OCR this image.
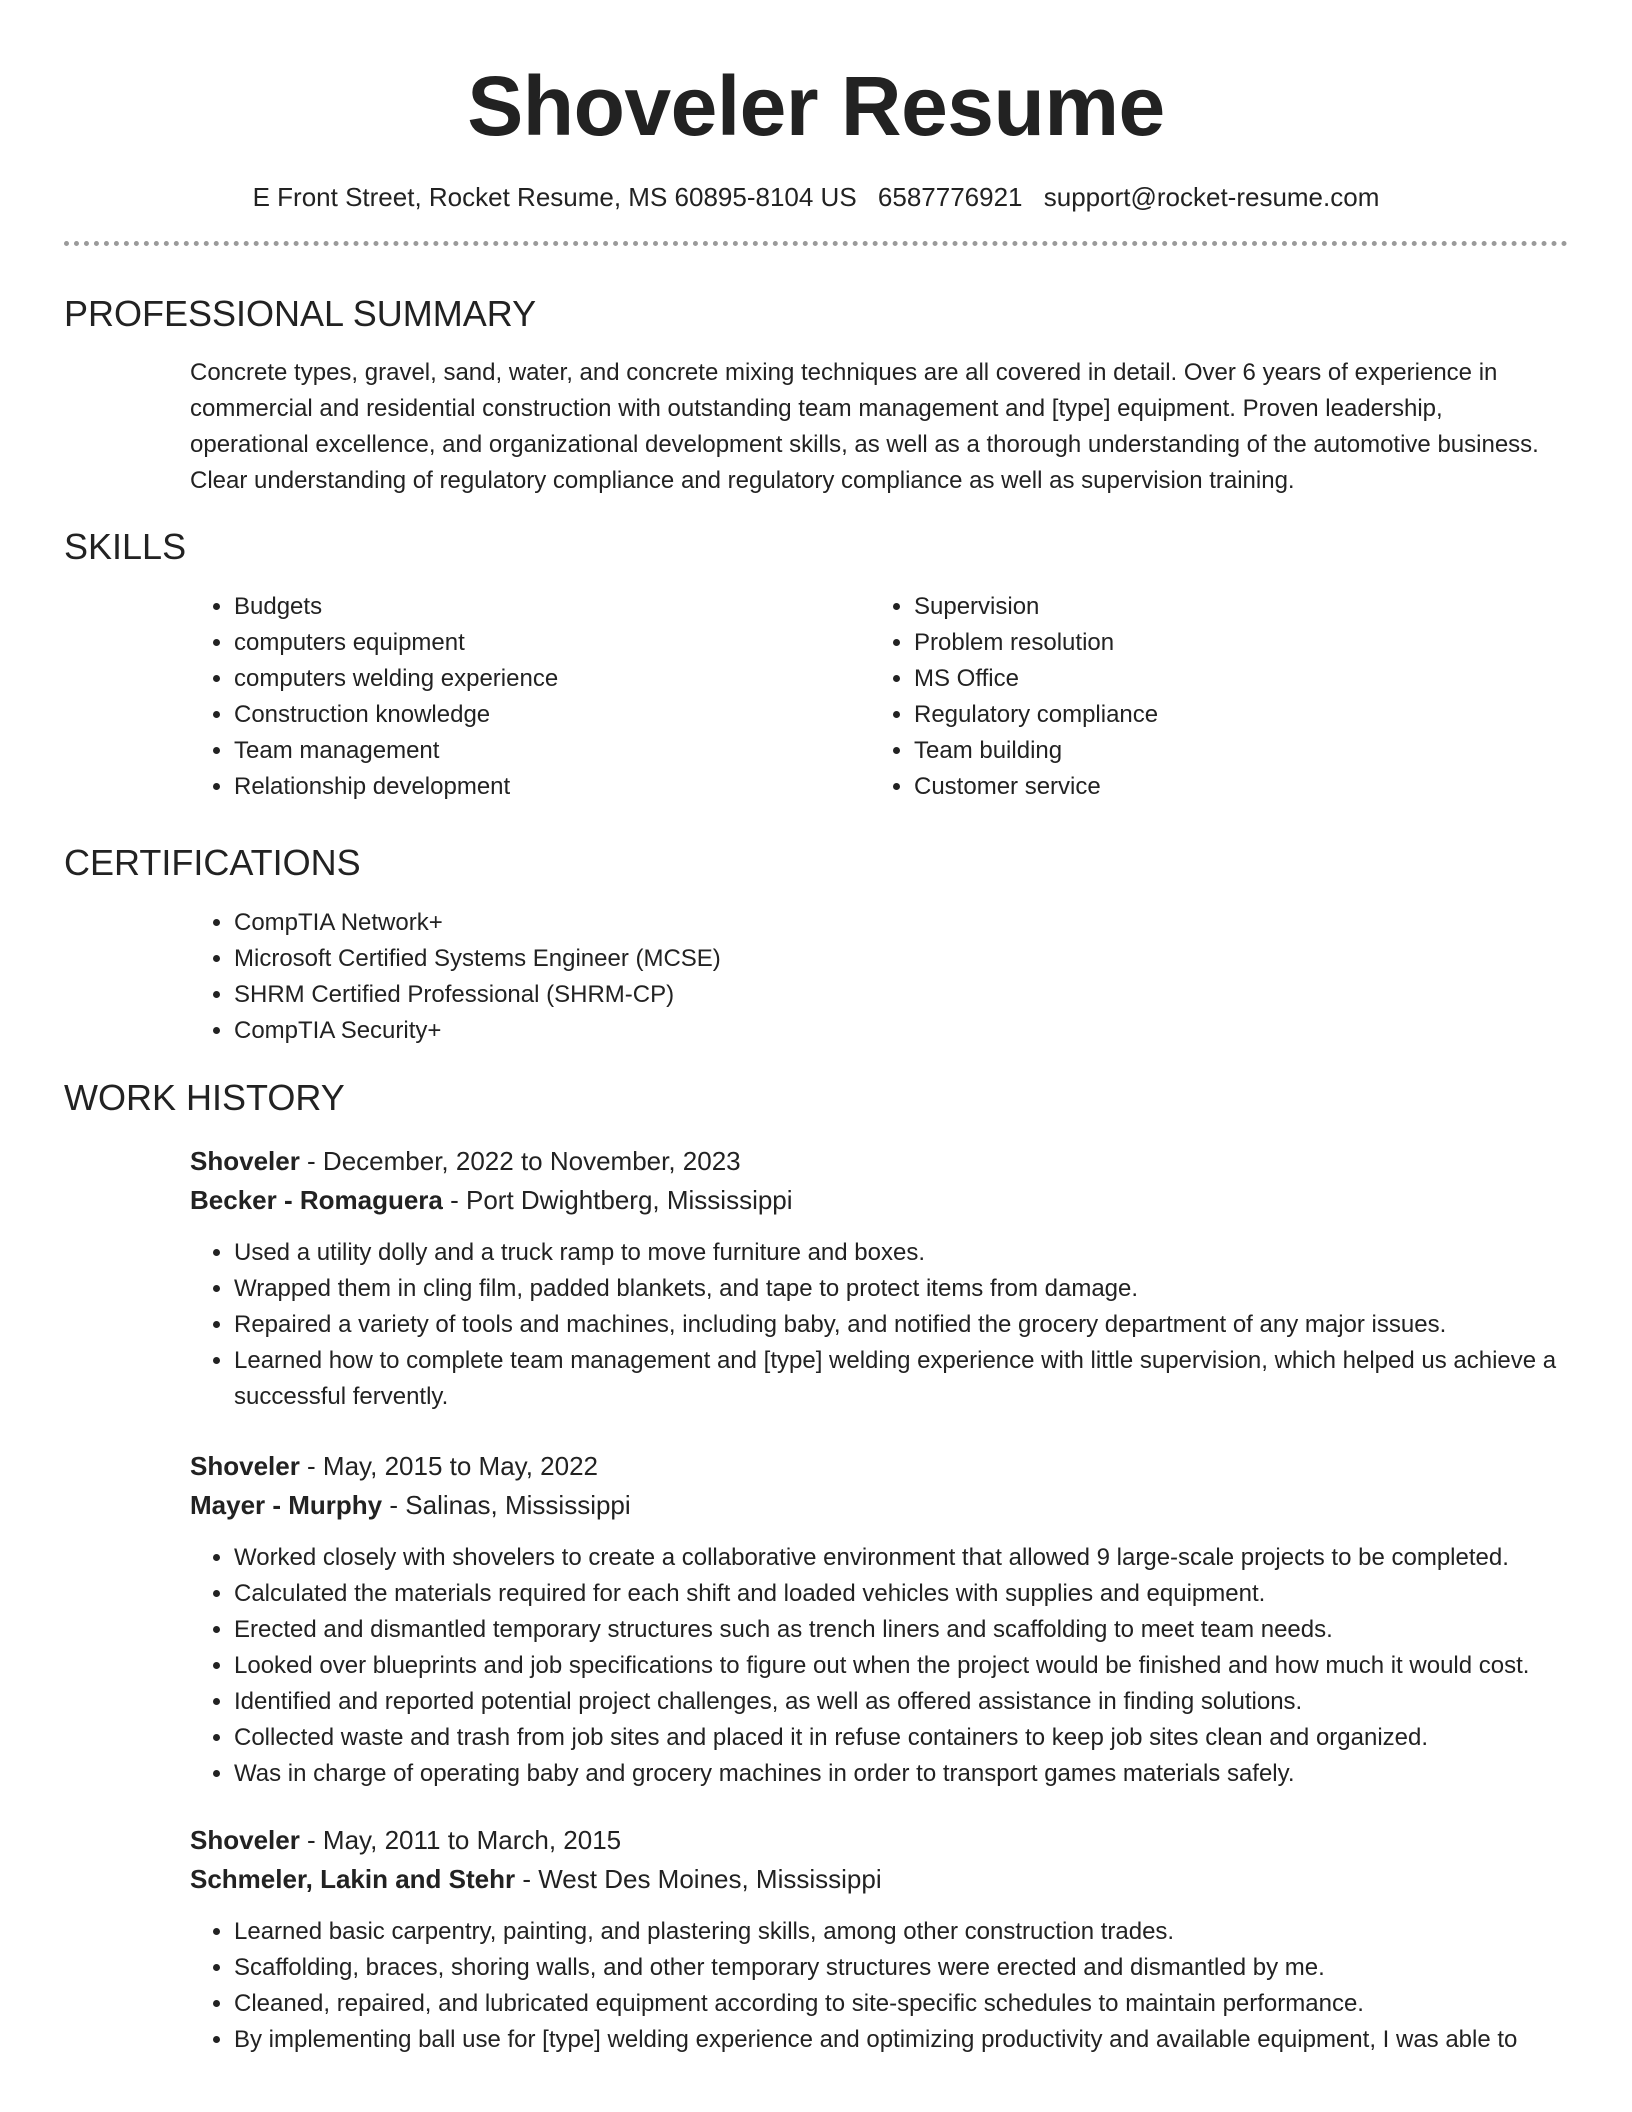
Shoveler Resume
E Front Street, Rocket Resume, MS 60895-8104 US 6587776921 support@rocket-resume.com
PROFESSIONAL SUMMARY
Concrete types, gravel, sand, water, and concrete mixing techniques are all covered in detail. Over 6 years of experience in commercial and residential construction with outstanding team management and [type] equipment. Proven leadership, operational excellence, and organizational development skills, as well as a thorough understanding of the automotive business. Clear understanding of regulatory compliance and regulatory compliance as well as supervision training.
SKILLS
• Budgets
• computers equipment
• computers welding experience
• Construction knowledge
• Team management
• Relationship development
• Supervision
• Problem resolution
• MS Office
• Regulatory compliance
• Team building
• Customer service
CERTIFICATIONS
• CompTIA Network+
• Microsoft Certified Systems Engineer (MCSE)
• SHRM Certified Professional (SHRM-CP)
• CompTIA Security+
WORK HISTORY
Shoveler - December, 2022 to November, 2023
Becker - Romaguera - Port Dwightberg, Mississippi
• Used a utility dolly and a truck ramp to move furniture and boxes.
• Wrapped them in cling film, padded blankets, and tape to protect items from damage.
• Repaired a variety of tools and machines, including baby, and notified the grocery department of any major issues.
• Learned how to complete team management and [type] welding experience with little supervision, which helped us achieve a successful fervently.
Shoveler - May, 2015 to May, 2022
Mayer - Murphy - Salinas, Mississippi
• Worked closely with shovelers to create a collaborative environment that allowed 9 large-scale projects to be completed.
• Calculated the materials required for each shift and loaded vehicles with supplies and equipment.
• Erected and dismantled temporary structures such as trench liners and scaffolding to meet team needs.
• Looked over blueprints and job specifications to figure out when the project would be finished and how much it would cost.
• Identified and reported potential project challenges, as well as offered assistance in finding solutions.
• Collected waste and trash from job sites and placed it in refuse containers to keep job sites clean and organized.
• Was in charge of operating baby and grocery machines in order to transport games materials safely.
Shoveler - May, 2011 to March, 2015
Schmeler, Lakin and Stehr - West Des Moines, Mississippi
• Learned basic carpentry, painting, and plastering skills, among other construction trades.
• Scaffolding, braces, shoring walls, and other temporary structures were erected and dismantled by me.
• Cleaned, repaired, and lubricated equipment according to site-specific schedules to maintain performance.
• By implementing ball use for [type] welding experience and optimizing productivity and available equipment, I was able to
